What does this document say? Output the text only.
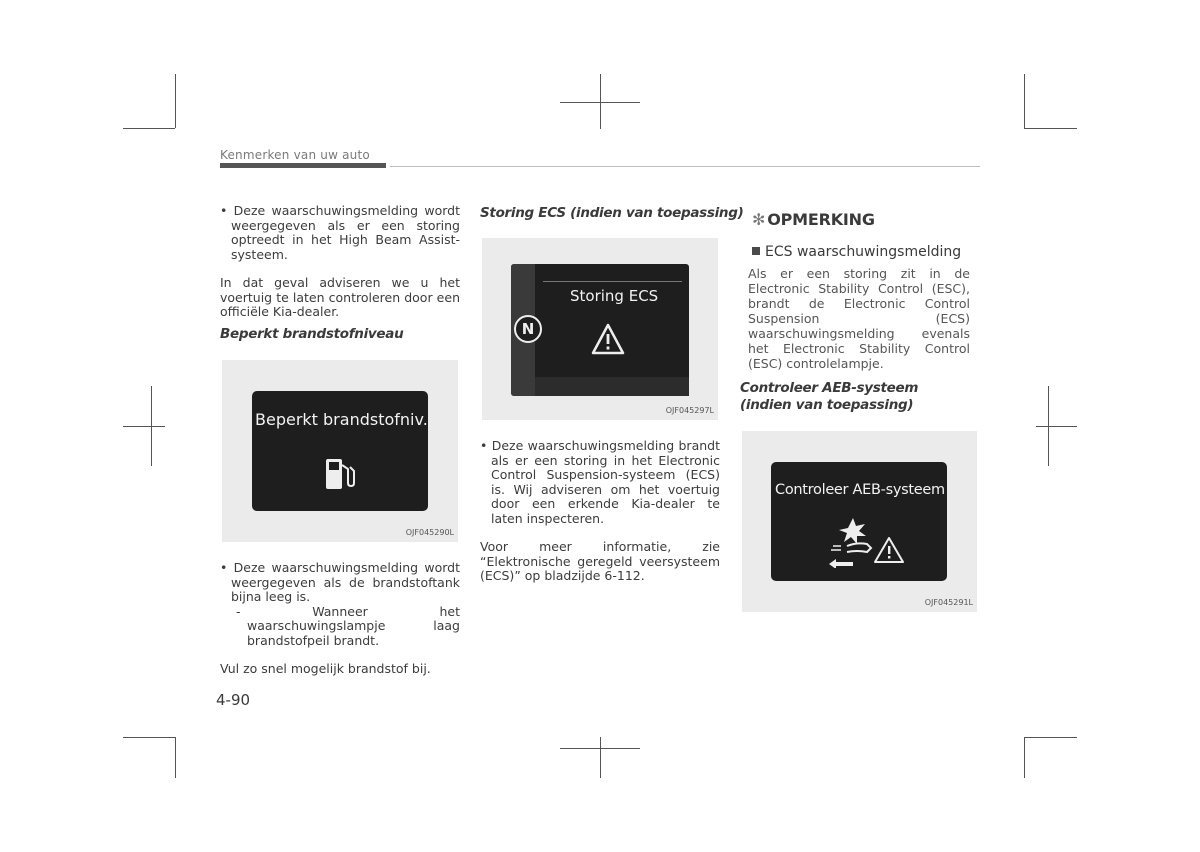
Kenmerken van uw auto

• Deze waarschuwingsmelding wordt weergegeven als er een storing optreedt in het High Beam Assist-systeem.

In dat geval adviseren we u het voertuig te laten controleren door een officiële Kia-dealer.

Beperkt brandstofniveau
Beperkt brandstofniv.
OJF045290L

• Deze waarschuwingsmelding wordt weergegeven als de brandstoftank bijna leeg is.

- Wanneer het waarschuwingslampje laag brandstofpeil brandt.

Vul zo snel mogelijk brandstof bij.

Storing ECS (indien van toepassing)
N
Storing ECS
OJF045297L

• Deze waarschuwingsmelding brandt als er een storing in het Electronic Control Suspension-systeem (ECS) is. Wij adviseren om het voertuig door een erkende Kia-dealer te laten inspecteren.

Voor meer informatie, zie “Elektronische geregeld veersysteem (ECS)” op bladzijde 6-112.

✻ OPMERKING
ECS waarschuwingsmelding
Als er een storing zit in de Electronic Stability Control (ESC), brandt de Electronic Control Suspension (ECS) waarschuwingsmelding evenals het Electronic Stability Control (ESC) controlelampje.
Controleer AEB-systeem (indien van toepassing)
Controleer AEB-systeem
OJF045291L
4-90
